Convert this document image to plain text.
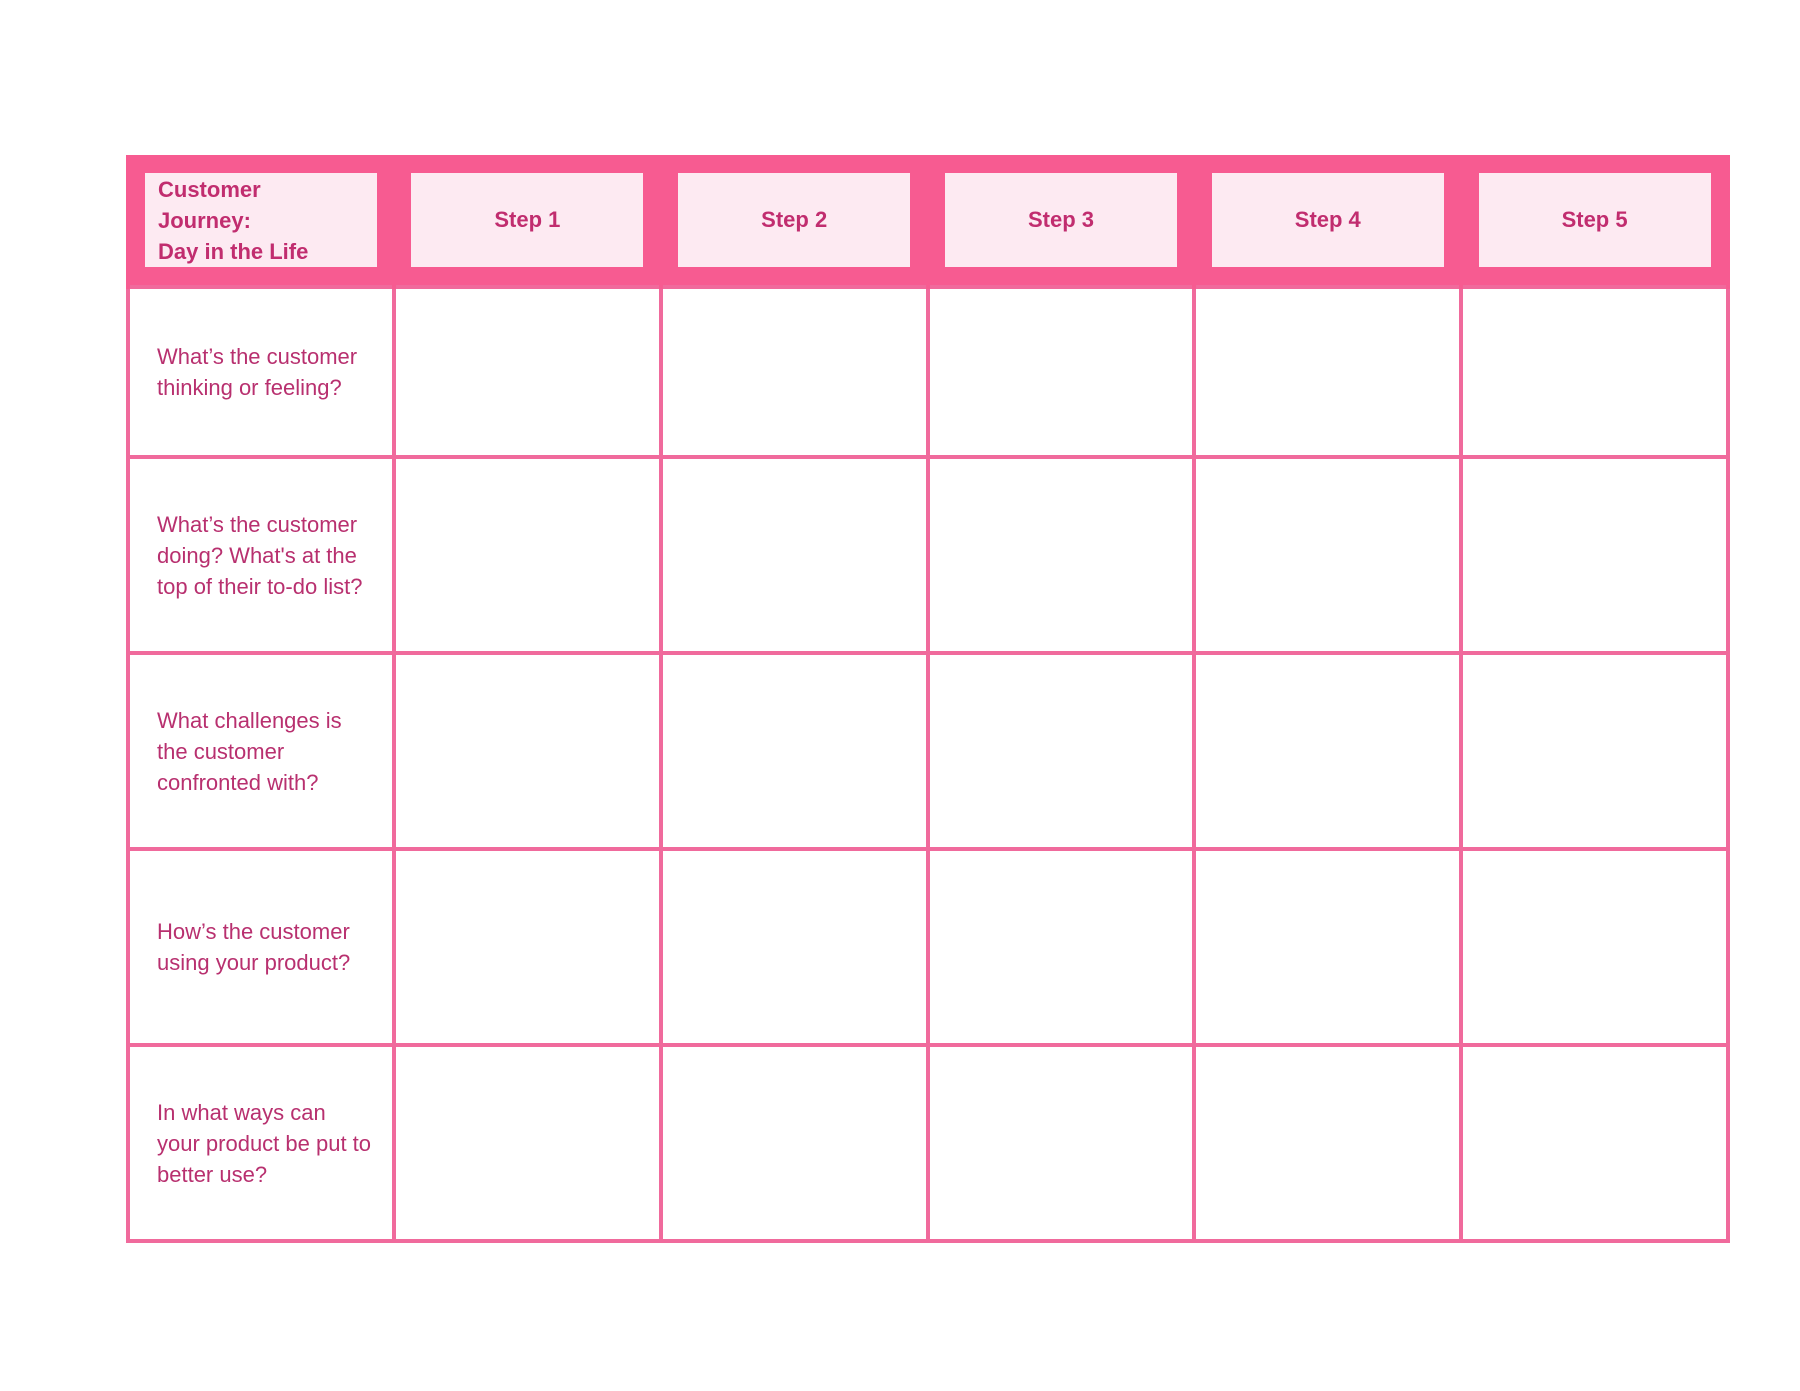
Customer
Journey:
Day in the Life	Step 1	Step 2	Step 3	Step 4	Step 5

What’s the customer thinking or feeling?					
What’s the customer doing? What's at the top of their to-do list?					
What challenges is the customer confronted with?					
How’s the customer using your product?					
In what ways can your product be put to better use?					
